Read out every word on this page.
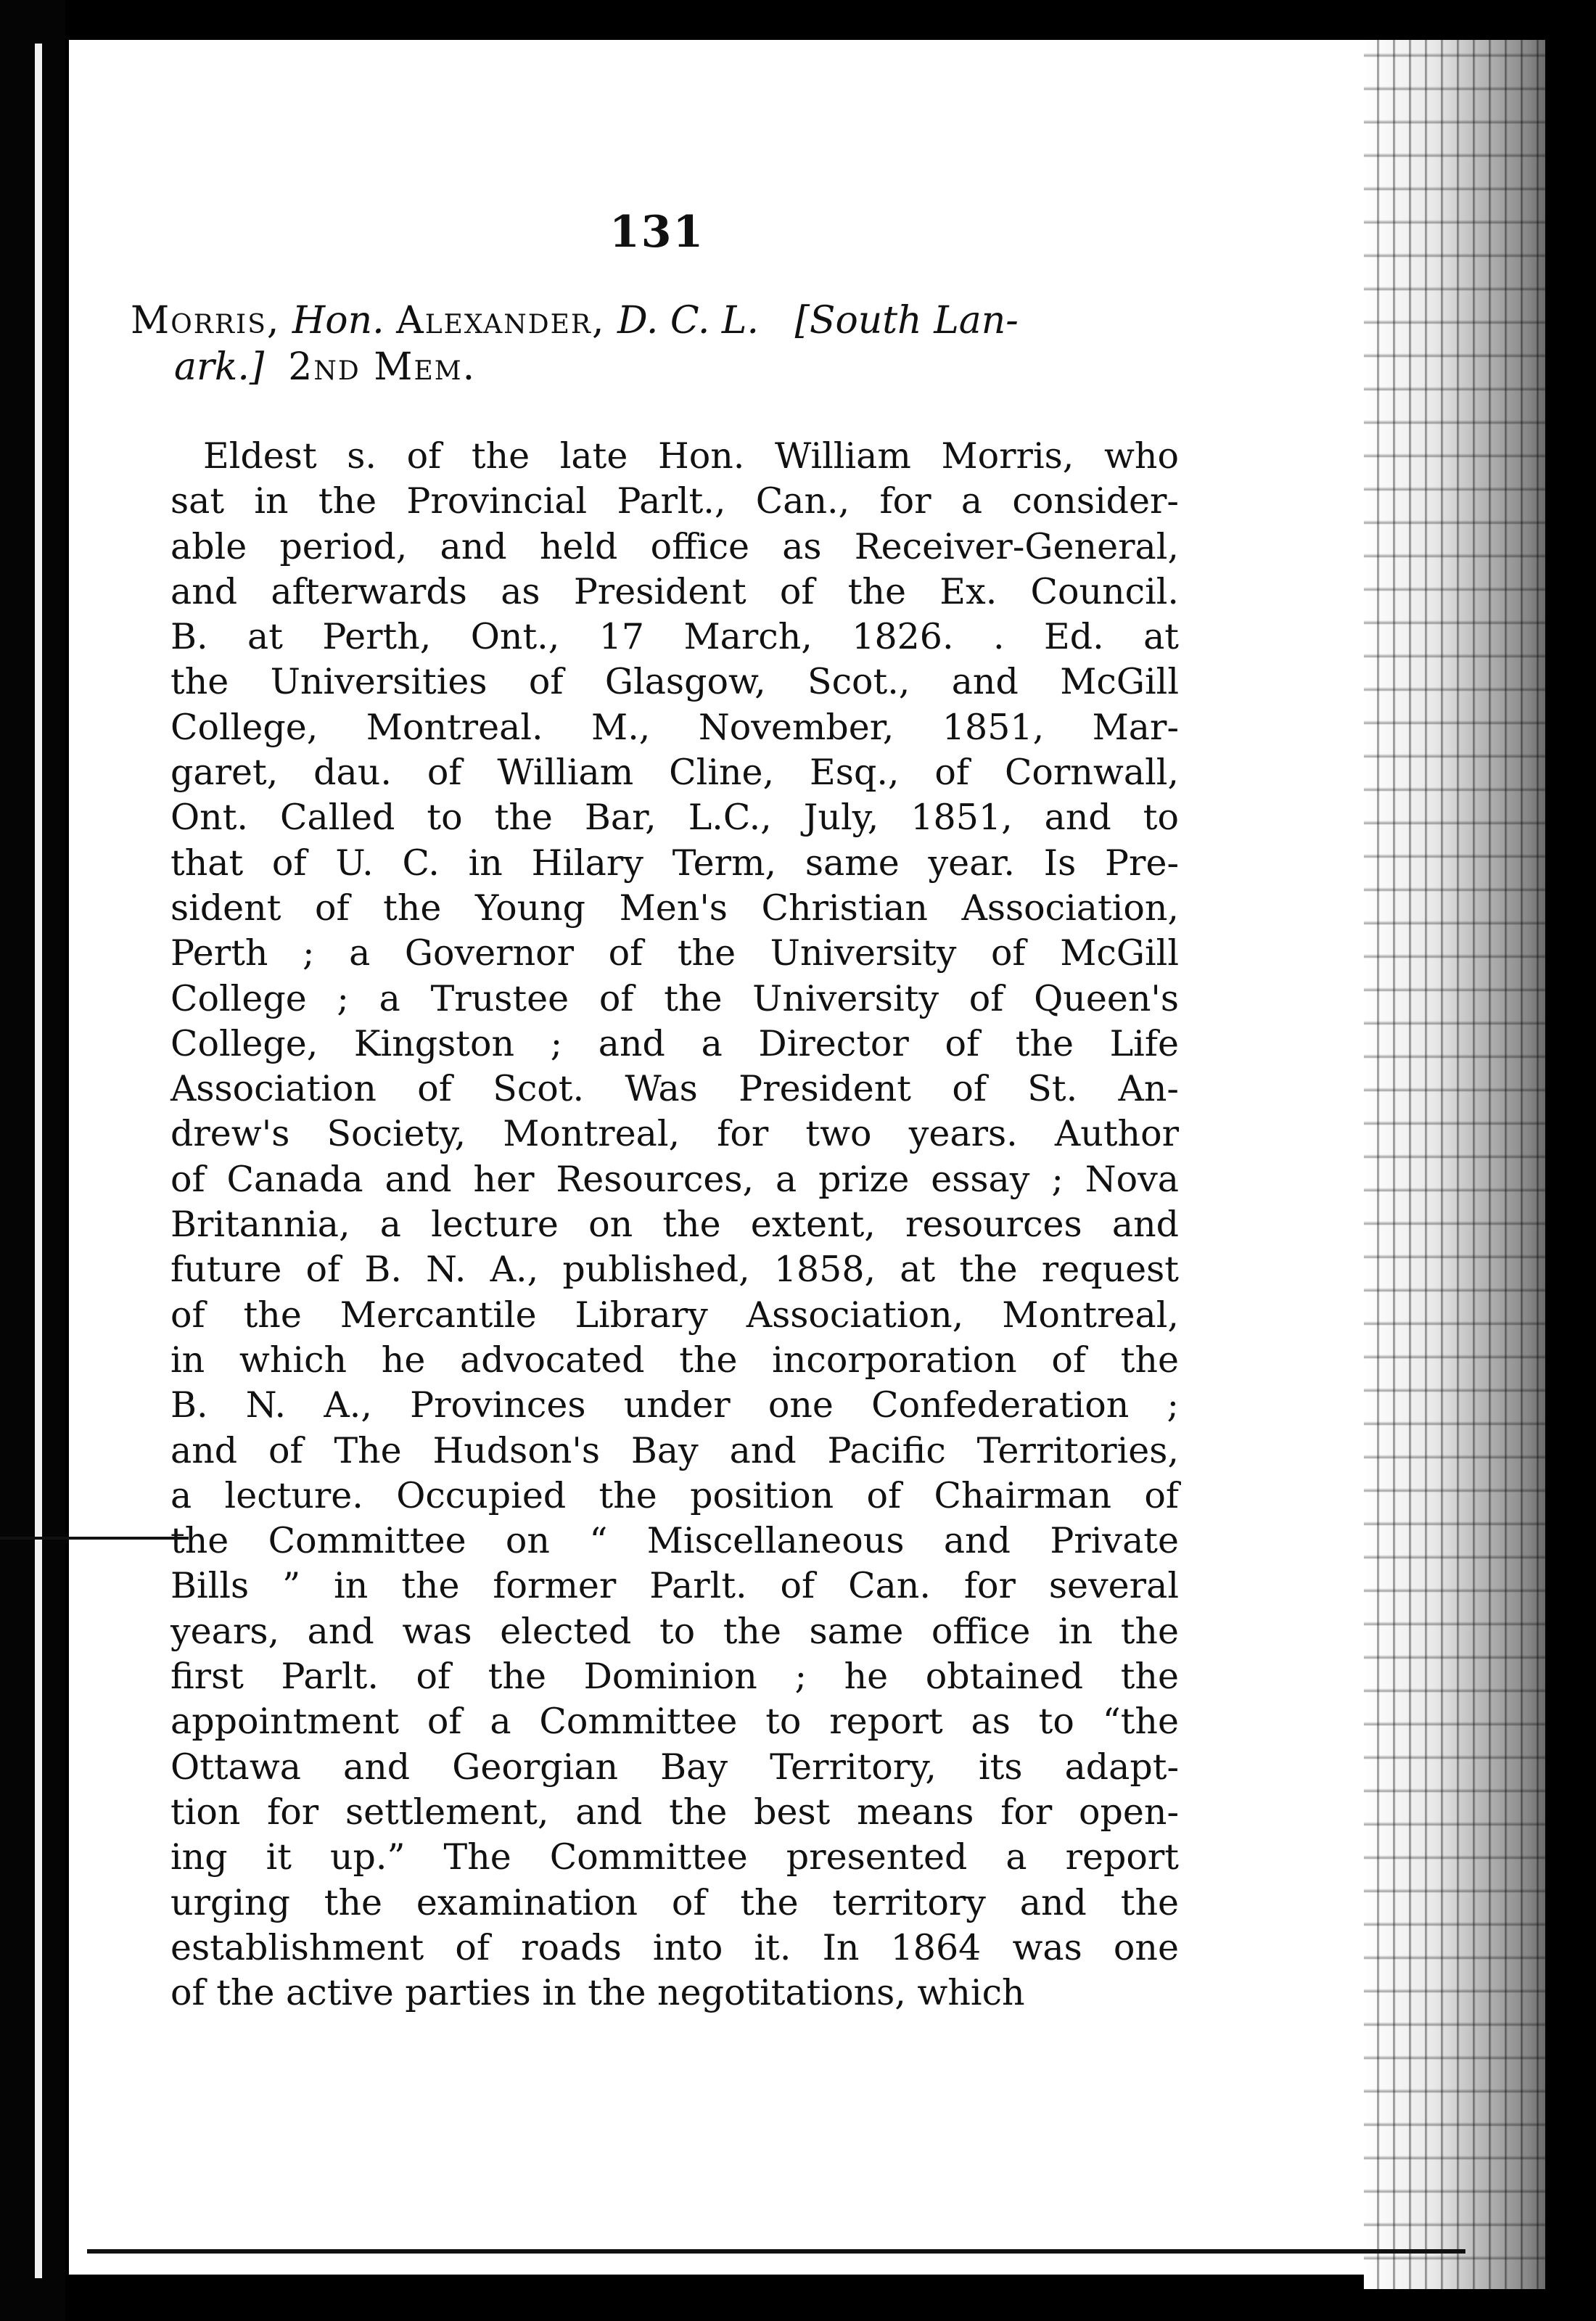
131
Morris, Hon. Alexander, D. C. L. [South Lan-
ark.] 2nd Mem.
Eldest s. of the late Hon. William Morris, who
sat in the Provincial Parlt., Can., for a consider-
able period, and held office as Receiver-General,
and afterwards as President of the Ex. Council.
B. at Perth, Ont., 17 March, 1826. . Ed. at
the Universities of Glasgow, Scot., and McGill
College, Montreal. M., November, 1851, Mar-
garet, dau. of William Cline, Esq., of Cornwall,
Ont. Called to the Bar, L.C., July, 1851, and to
that of U. C. in Hilary Term, same year. Is Pre-
sident of the Young Men's Christian Association,
Perth ; a Governor of the University of McGill
College ; a Trustee of the University of Queen's
College, Kingston ; and a Director of the Life
Association of Scot. Was President of St. An-
drew's Society, Montreal, for two years. Author
of Canada and her Resources, a prize essay ; Nova
Britannia, a lecture on the extent, resources and
future of B. N. A., published, 1858, at the request
of the Mercantile Library Association, Montreal,
in which he advocated the incorporation of the
B. N. A., Provinces under one Confederation ;
and of The Hudson's Bay and Pacific Territories,
a lecture. Occupied the position of Chairman of
the Committee on “ Miscellaneous and Private
Bills ” in the former Parlt. of Can. for several
years, and was elected to the same office in the
first Parlt. of the Dominion ; he obtained the
appointment of a Committee to report as to “the
Ottawa and Georgian Bay Territory, its adapt-
tion for settlement, and the best means for open-
ing it up.” The Committee presented a report
urging the examination of the territory and the
establishment of roads into it. In 1864 was one
of the active parties in the negotitations, which
